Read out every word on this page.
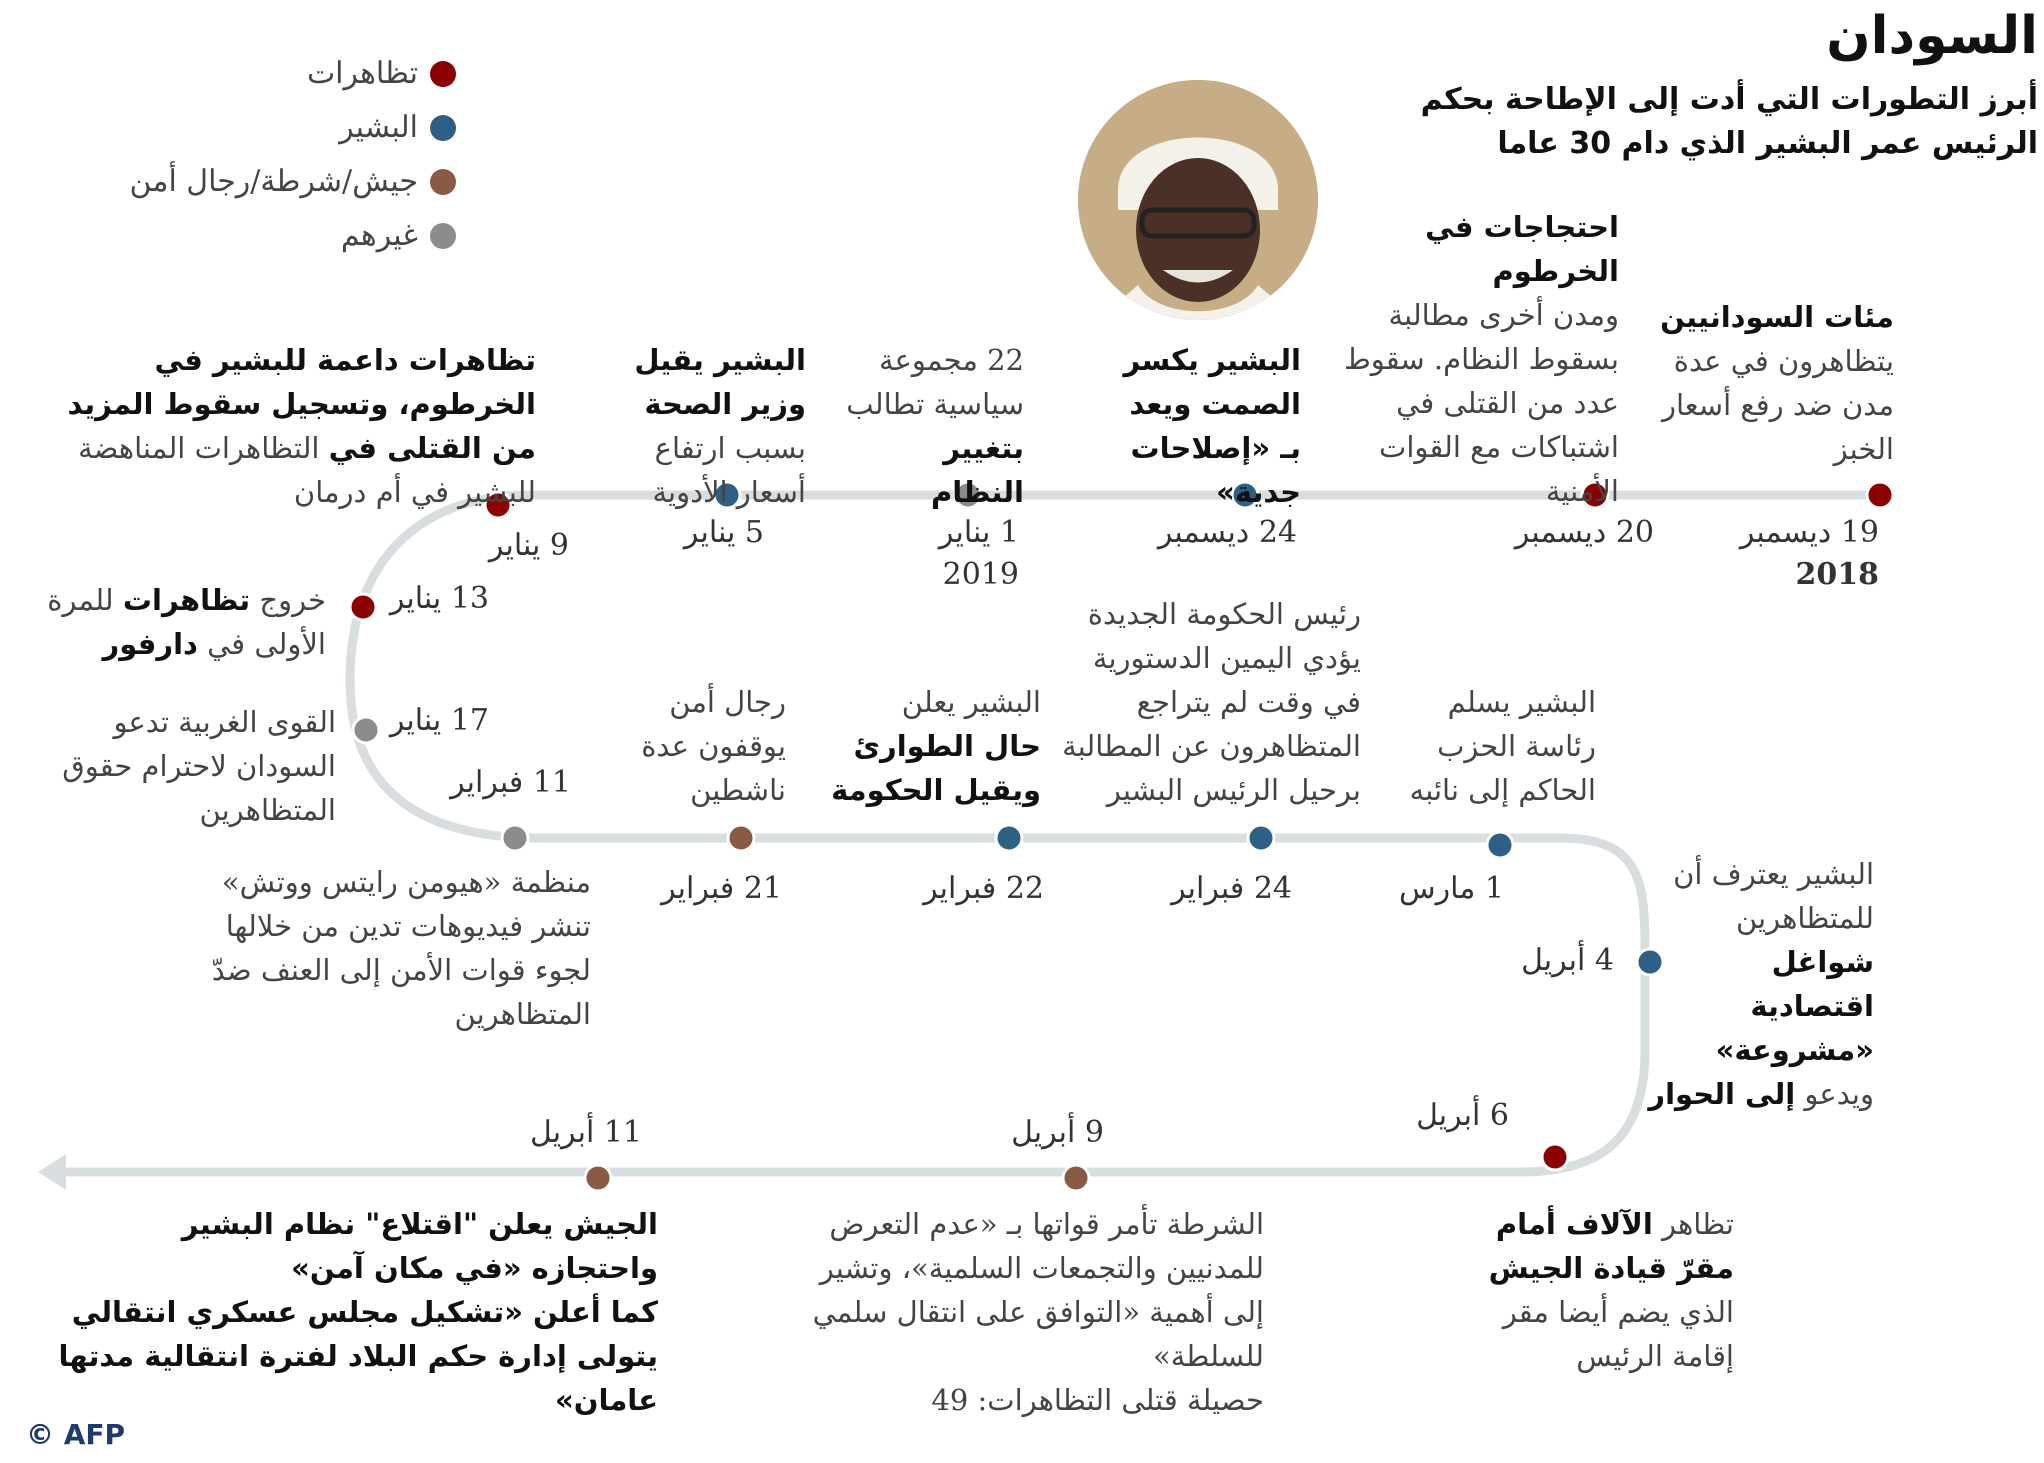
السودان
أبرز التطورات التي أدت إلى الإطاحة بحكم الرئيس عمر البشير الذي دام 30 عاما
تظاهرات
البشير
جيش/شرطة/رجال أمن
غيرهم
مئات السودانيين
يتظاهرون في عدة مدن ضد رفع أسعار الخبز
19 ديسمبر
2018
احتجاجات في الخرطوم
ومدن أخرى مطالبة بسقوط النظام. سقوط عدد من القتلى في اشتباكات مع القوات الأمنية
20 ديسمبر
البشير يكسر الصمت ويعد
بـ «إصلاحات جدية»
24 ديسمبر
22 مجموعة سياسية تطالب
بتغيير النظام
1 يناير
2019
البشير يقيل وزير الصحة بسبب ارتفاع أسعار الأدوية
5 يناير
تظاهرات داعمة للبشير في الخرطوم، وتسجيل سقوط المزيد من القتلى في التظاهرات المناهضة للبشير في أم درمان
9 يناير
13 يناير
خروج تظاهرات للمرة الأولى في دارفور
17 يناير
القوى الغربية تدعو السودان لاحترام حقوق المتظاهرين
11 فبراير
منظمة «هيومن رايتس ووتش» تنشر فيديوهات تدين من خلالها لجوء قوات الأمن إلى العنف ضدّ المتظاهرين
رجال أمن يوقفون عدة ناشطين
21 فبراير
البشير يعلن
حال الطوارئ ويقيل الحكومة
22 فبراير
رئيس الحكومة الجديدة يؤدي اليمين الدستورية في وقت لم يتراجع المتظاهرون عن المطالبة برحيل الرئيس البشير
24 فبراير
البشير يسلم رئاسة الحزب الحاكم إلى نائبه
1 مارس
4 أبريل
البشير يعترف أن للمتظاهرين شواغل اقتصادية «مشروعة» ويدعو إلى الحوار
6 أبريل
تظاهر الآلاف أمام مقرّ قيادة الجيش الذي يضم أيضا مقر إقامة الرئيس
9 أبريل
الشرطة تأمر قواتها بـ «عدم التعرض للمدنيين والتجمعات السلمية»، وتشير إلى أهمية «التوافق على انتقال سلمي للسلطة»
حصيلة قتلى التظاهرات: 49
11 أبريل
الجيش يعلن "اقتلاع" نظام البشير واحتجازه «في مكان آمن»
كما أعلن «تشكيل مجلس عسكري انتقالي يتولى إدارة حكم البلاد لفترة انتقالية مدتها عامان»
© AFP
